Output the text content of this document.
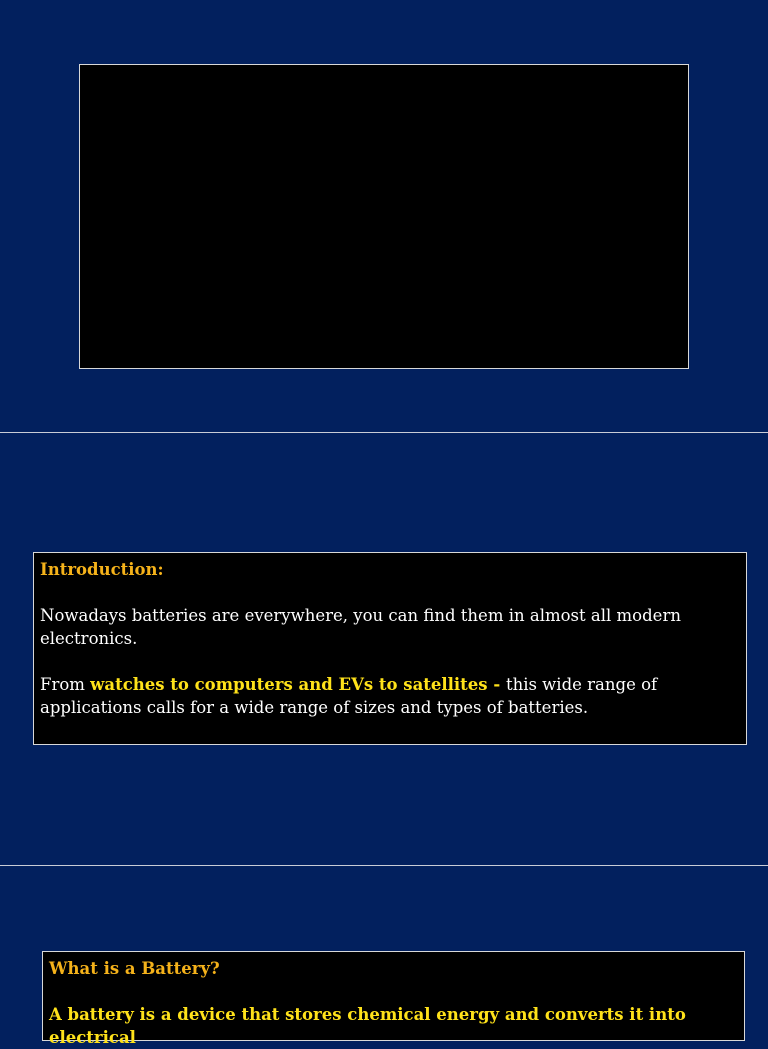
Introduction:

Nowadays batteries are everywhere, you can find them in almost all modern electronics.

From watches to computers and EVs to satellites - this wide range of applications calls for a wide range of sizes and types of batteries.

What is a Battery?

A battery is a device that stores chemical energy and converts it into electrical
